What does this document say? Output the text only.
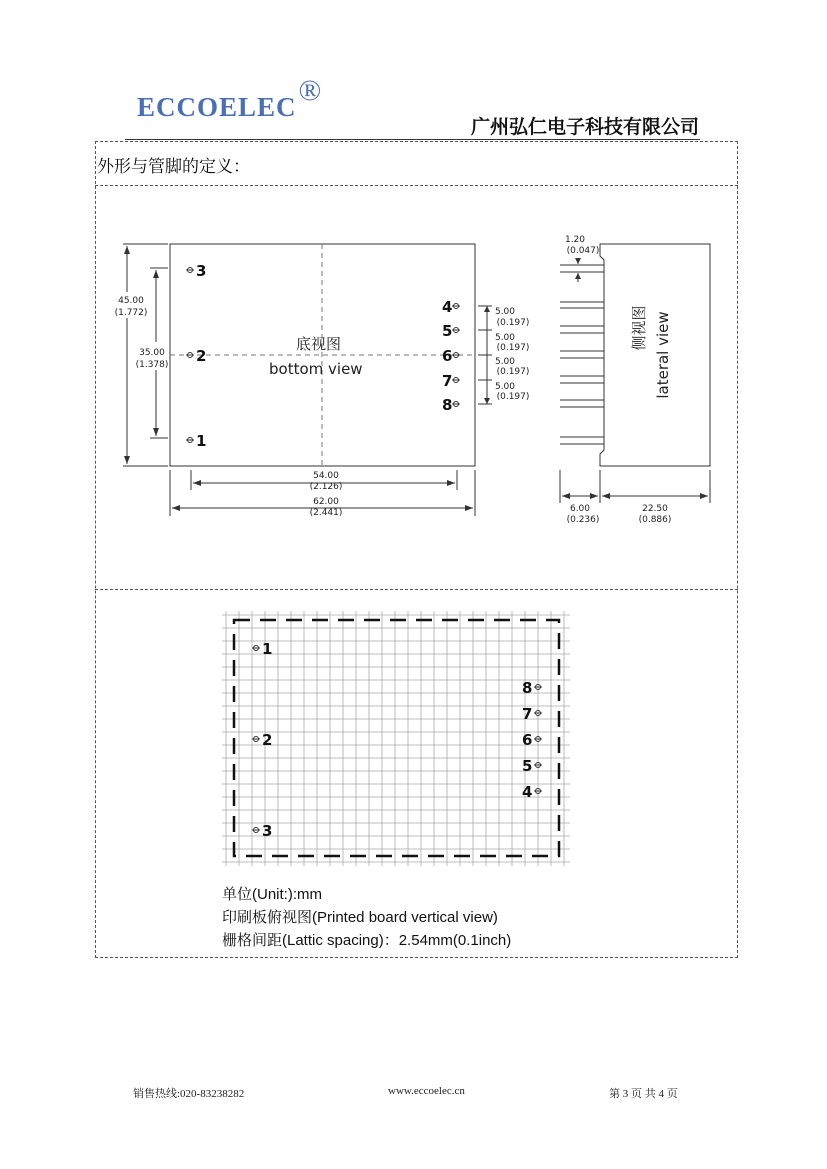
ECCOELEC®
广州弘仁电子科技有限公司
外形与管脚的定义：
3
2
1
4
5
6
7
8
底视图
bottom view
45.00
(1.772)
35.00
(1.378)
5.00
(0.197)
5.00
(0.197)
5.00
(0.197)
5.00
(0.197)
54.00
(2.126)
62.00
(2.441)
1.20
(0.047)
6.00
(0.236)
22.50
(0.886)
侧视图 lateral view
1
2
3
8
7
6
5
4
单位(Unit:):mm
印刷板俯视图(Printed board vertical view)
栅格间距(Lattic spacing)：2.54mm(0.1inch)
销售热线:020-83238282	www.eccoelec.cn	第 3 页 共 4 页
